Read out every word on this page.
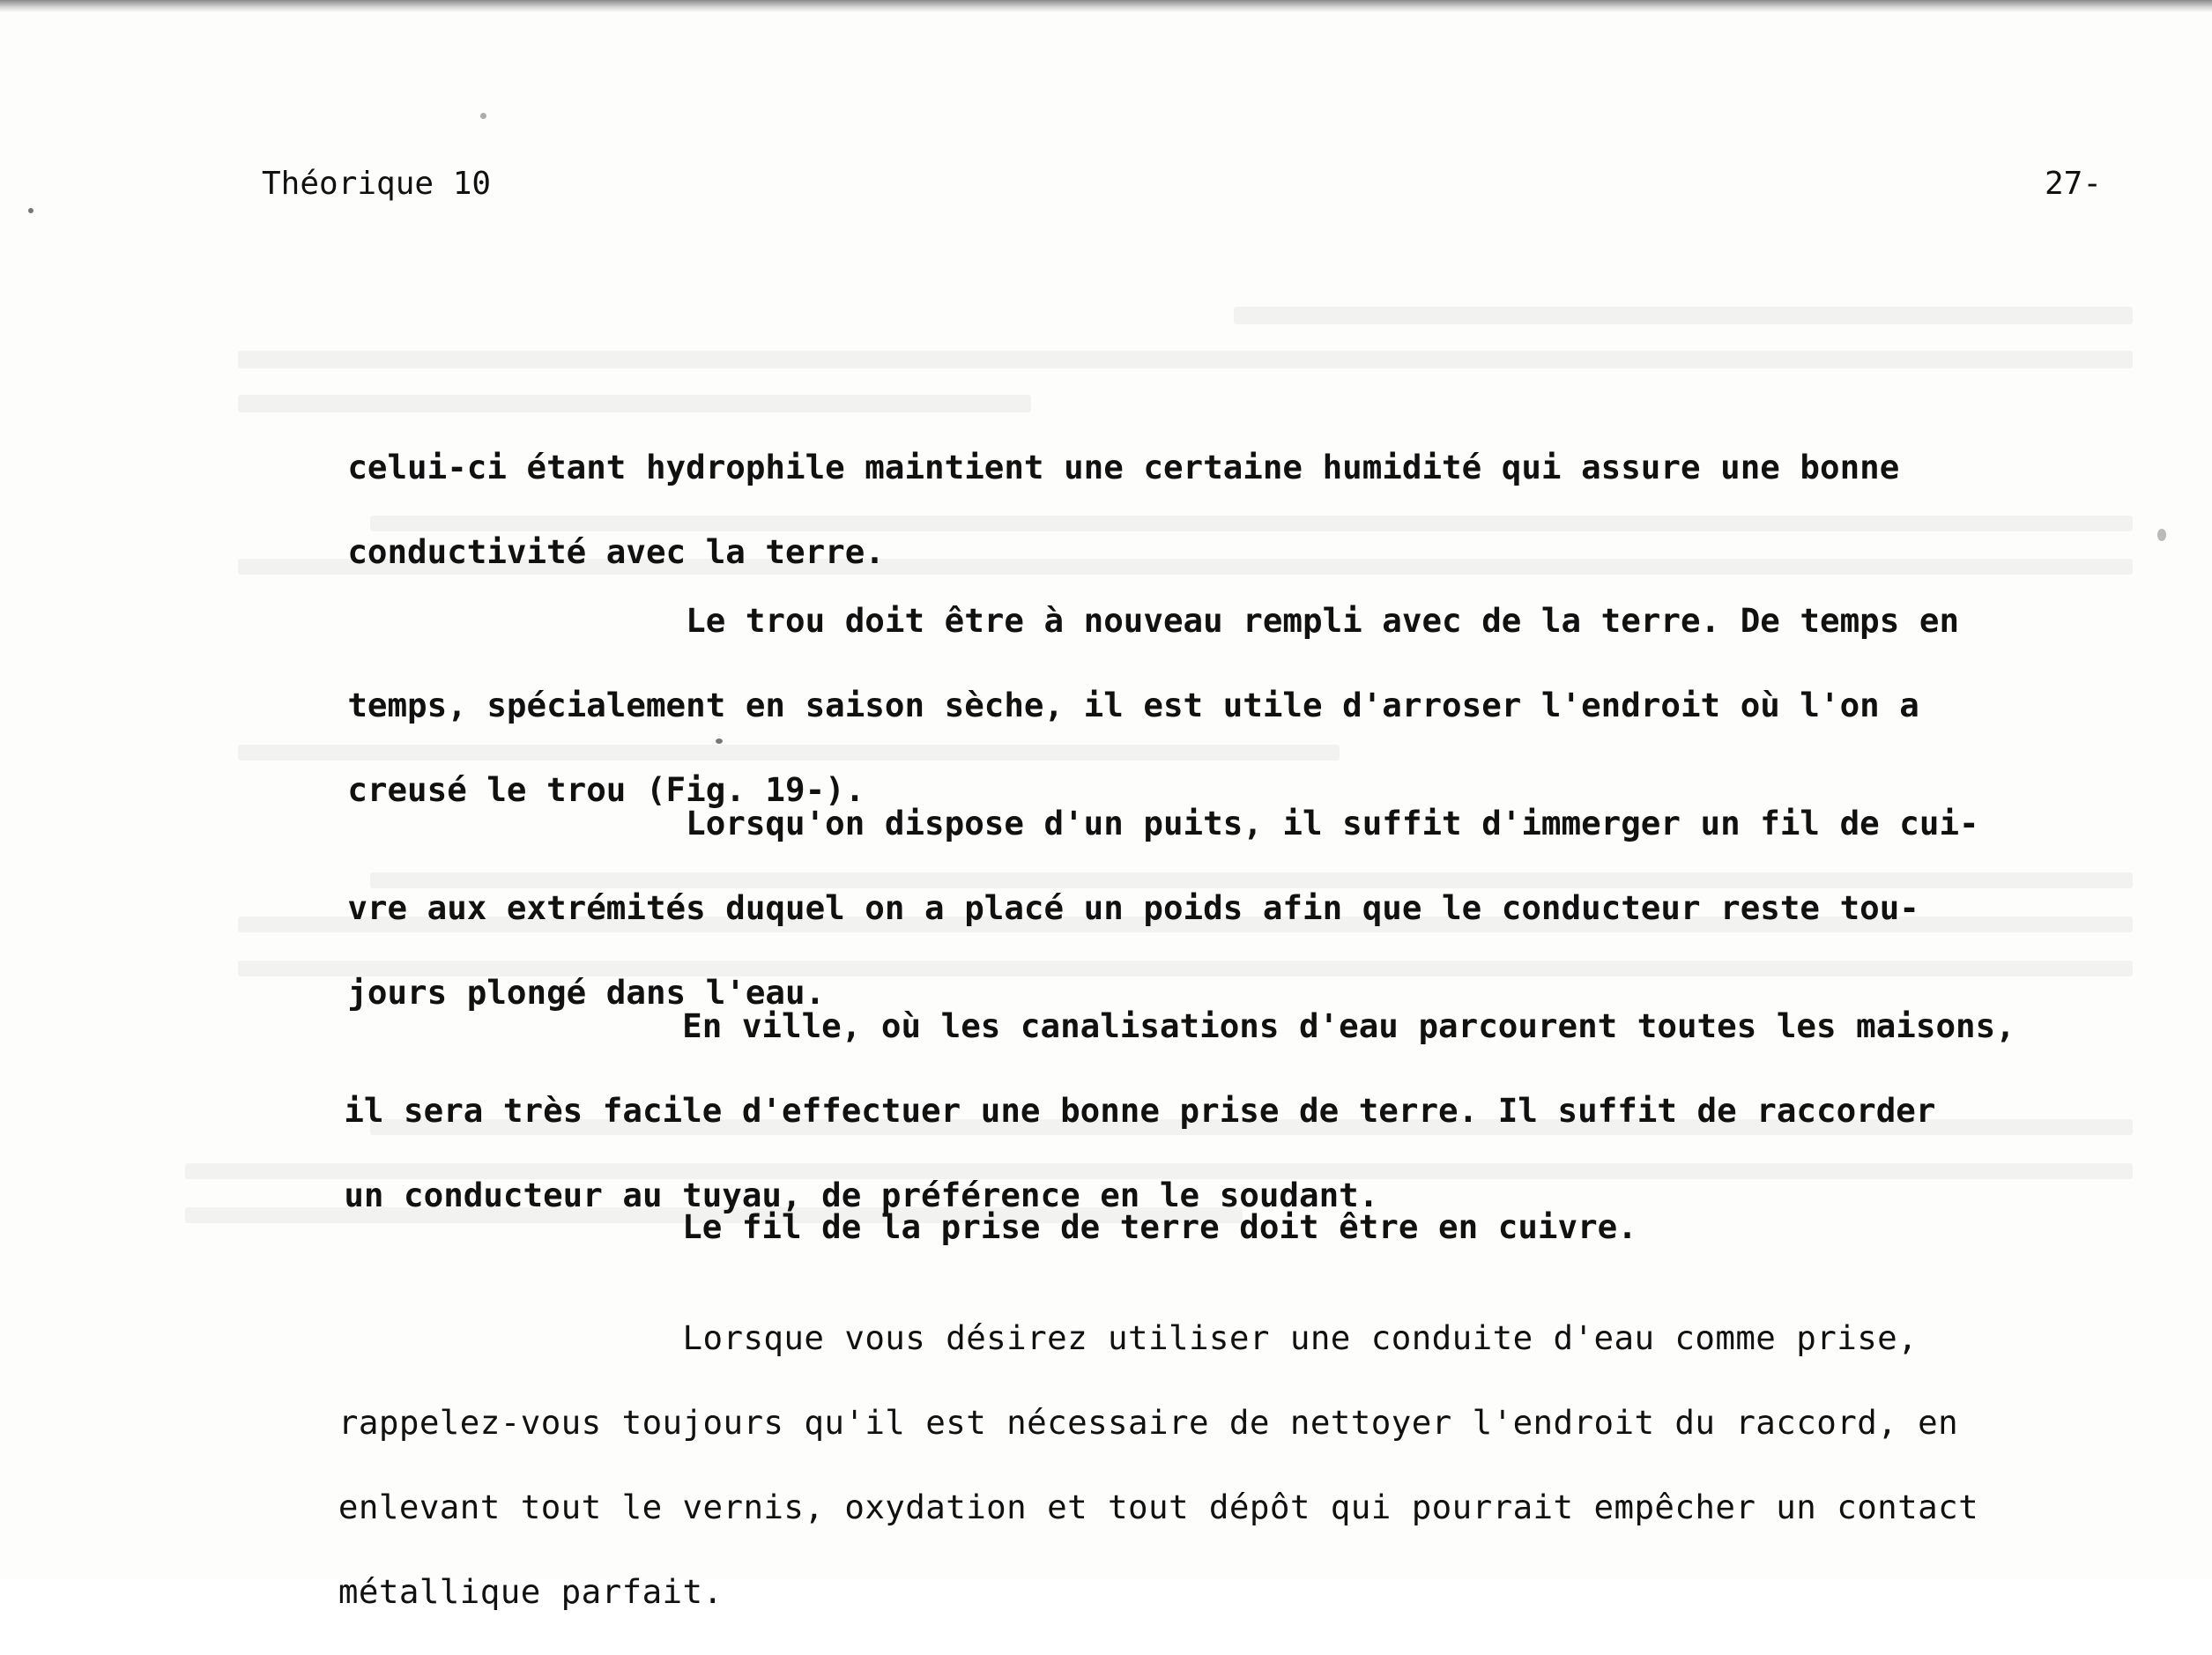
Théorique 10	27-

celui-ci étant hydrophile maintient une certaine humidité qui assure une bonne

conductivité avec la terre.

Le trou doit être à nouveau rempli avec de la terre. De temps en

temps, spécialement en saison sèche, il est utile d'arroser l'endroit où l'on a

creusé le trou (Fig. 19-).

Lorsqu'on dispose d'un puits, il suffit d'immerger un fil de cui-

vre aux extrémités duquel on a placé un poids afin que le conducteur reste tou-

jours plongé dans l'eau.

En ville, où les canalisations d'eau parcourent toutes les maisons,

il sera très facile d'effectuer une bonne prise de terre. Il suffit de raccorder

un conducteur au tuyau, de préférence en le soudant.

Le fil de la prise de terre doit être en cuivre.

Lorsque vous désirez utiliser une conduite d'eau comme prise,

rappelez-vous toujours qu'il est nécessaire de nettoyer l'endroit du raccord, en

enlevant tout le vernis, oxydation et tout dépôt qui pourrait empêcher un contact

métallique parfait.
